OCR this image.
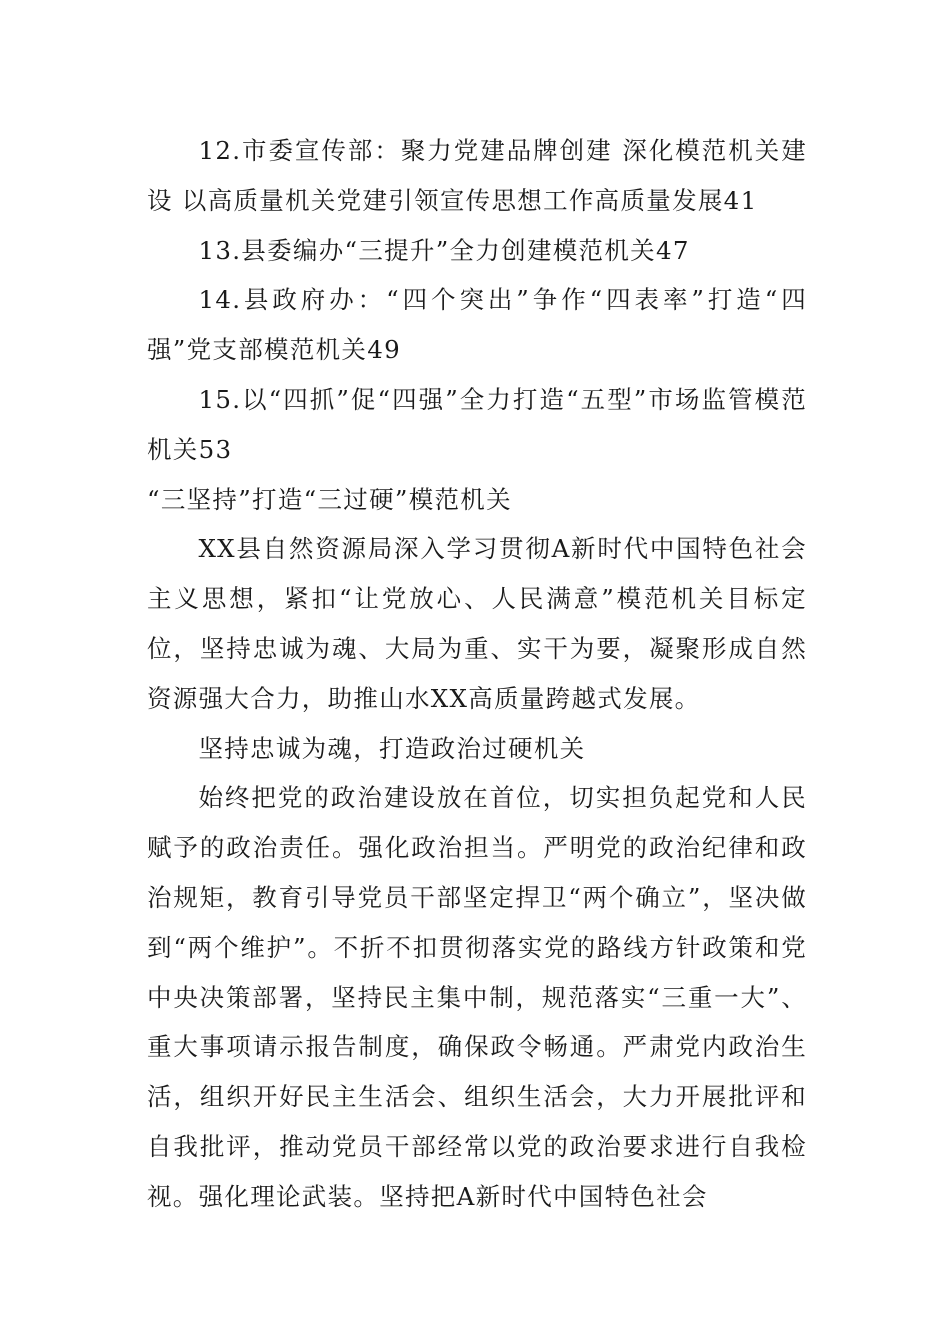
12.市委宣传部：聚力党建品牌创建 深化模范机关建设 以高质量机关党建引领宣传思想工作高质量发展41

13.县委编办“三提升”全力创建模范机关47

14.县政府办：“四个突出”争作“四表率”打造“四强”党支部模范机关49

15.以“四抓”促“四强”全力打造“五型”市场监管模范机关53

“三坚持”打造“三过硬”模范机关

XX县自然资源局深入学习贯彻A新时代中国特色社会主义思想，紧扣“让党放心、人民满意”模范机关目标定位，坚持忠诚为魂、大局为重、实干为要，凝聚形成自然资源强大合力，助推山水XX高质量跨越式发展。

坚持忠诚为魂，打造政治过硬机关

始终把党的政治建设放在首位，切实担负起党和人民赋予的政治责任。强化政治担当。严明党的政治纪律和政治规矩，教育引导党员干部坚定捍卫“两个确立”，坚决做到“两个维护”。不折不扣贯彻落实党的路线方针政策和党中央决策部署，坚持民主集中制，规范落实“三重一大”、重大事项请示报告制度，确保政令畅通。严肃党内政治生活，组织开好民主生活会、组织生活会，大力开展批评和自我批评，推动党员干部经常以党的政治要求进行自我检视。强化理论武装。坚持把A新时代中国特色社会
